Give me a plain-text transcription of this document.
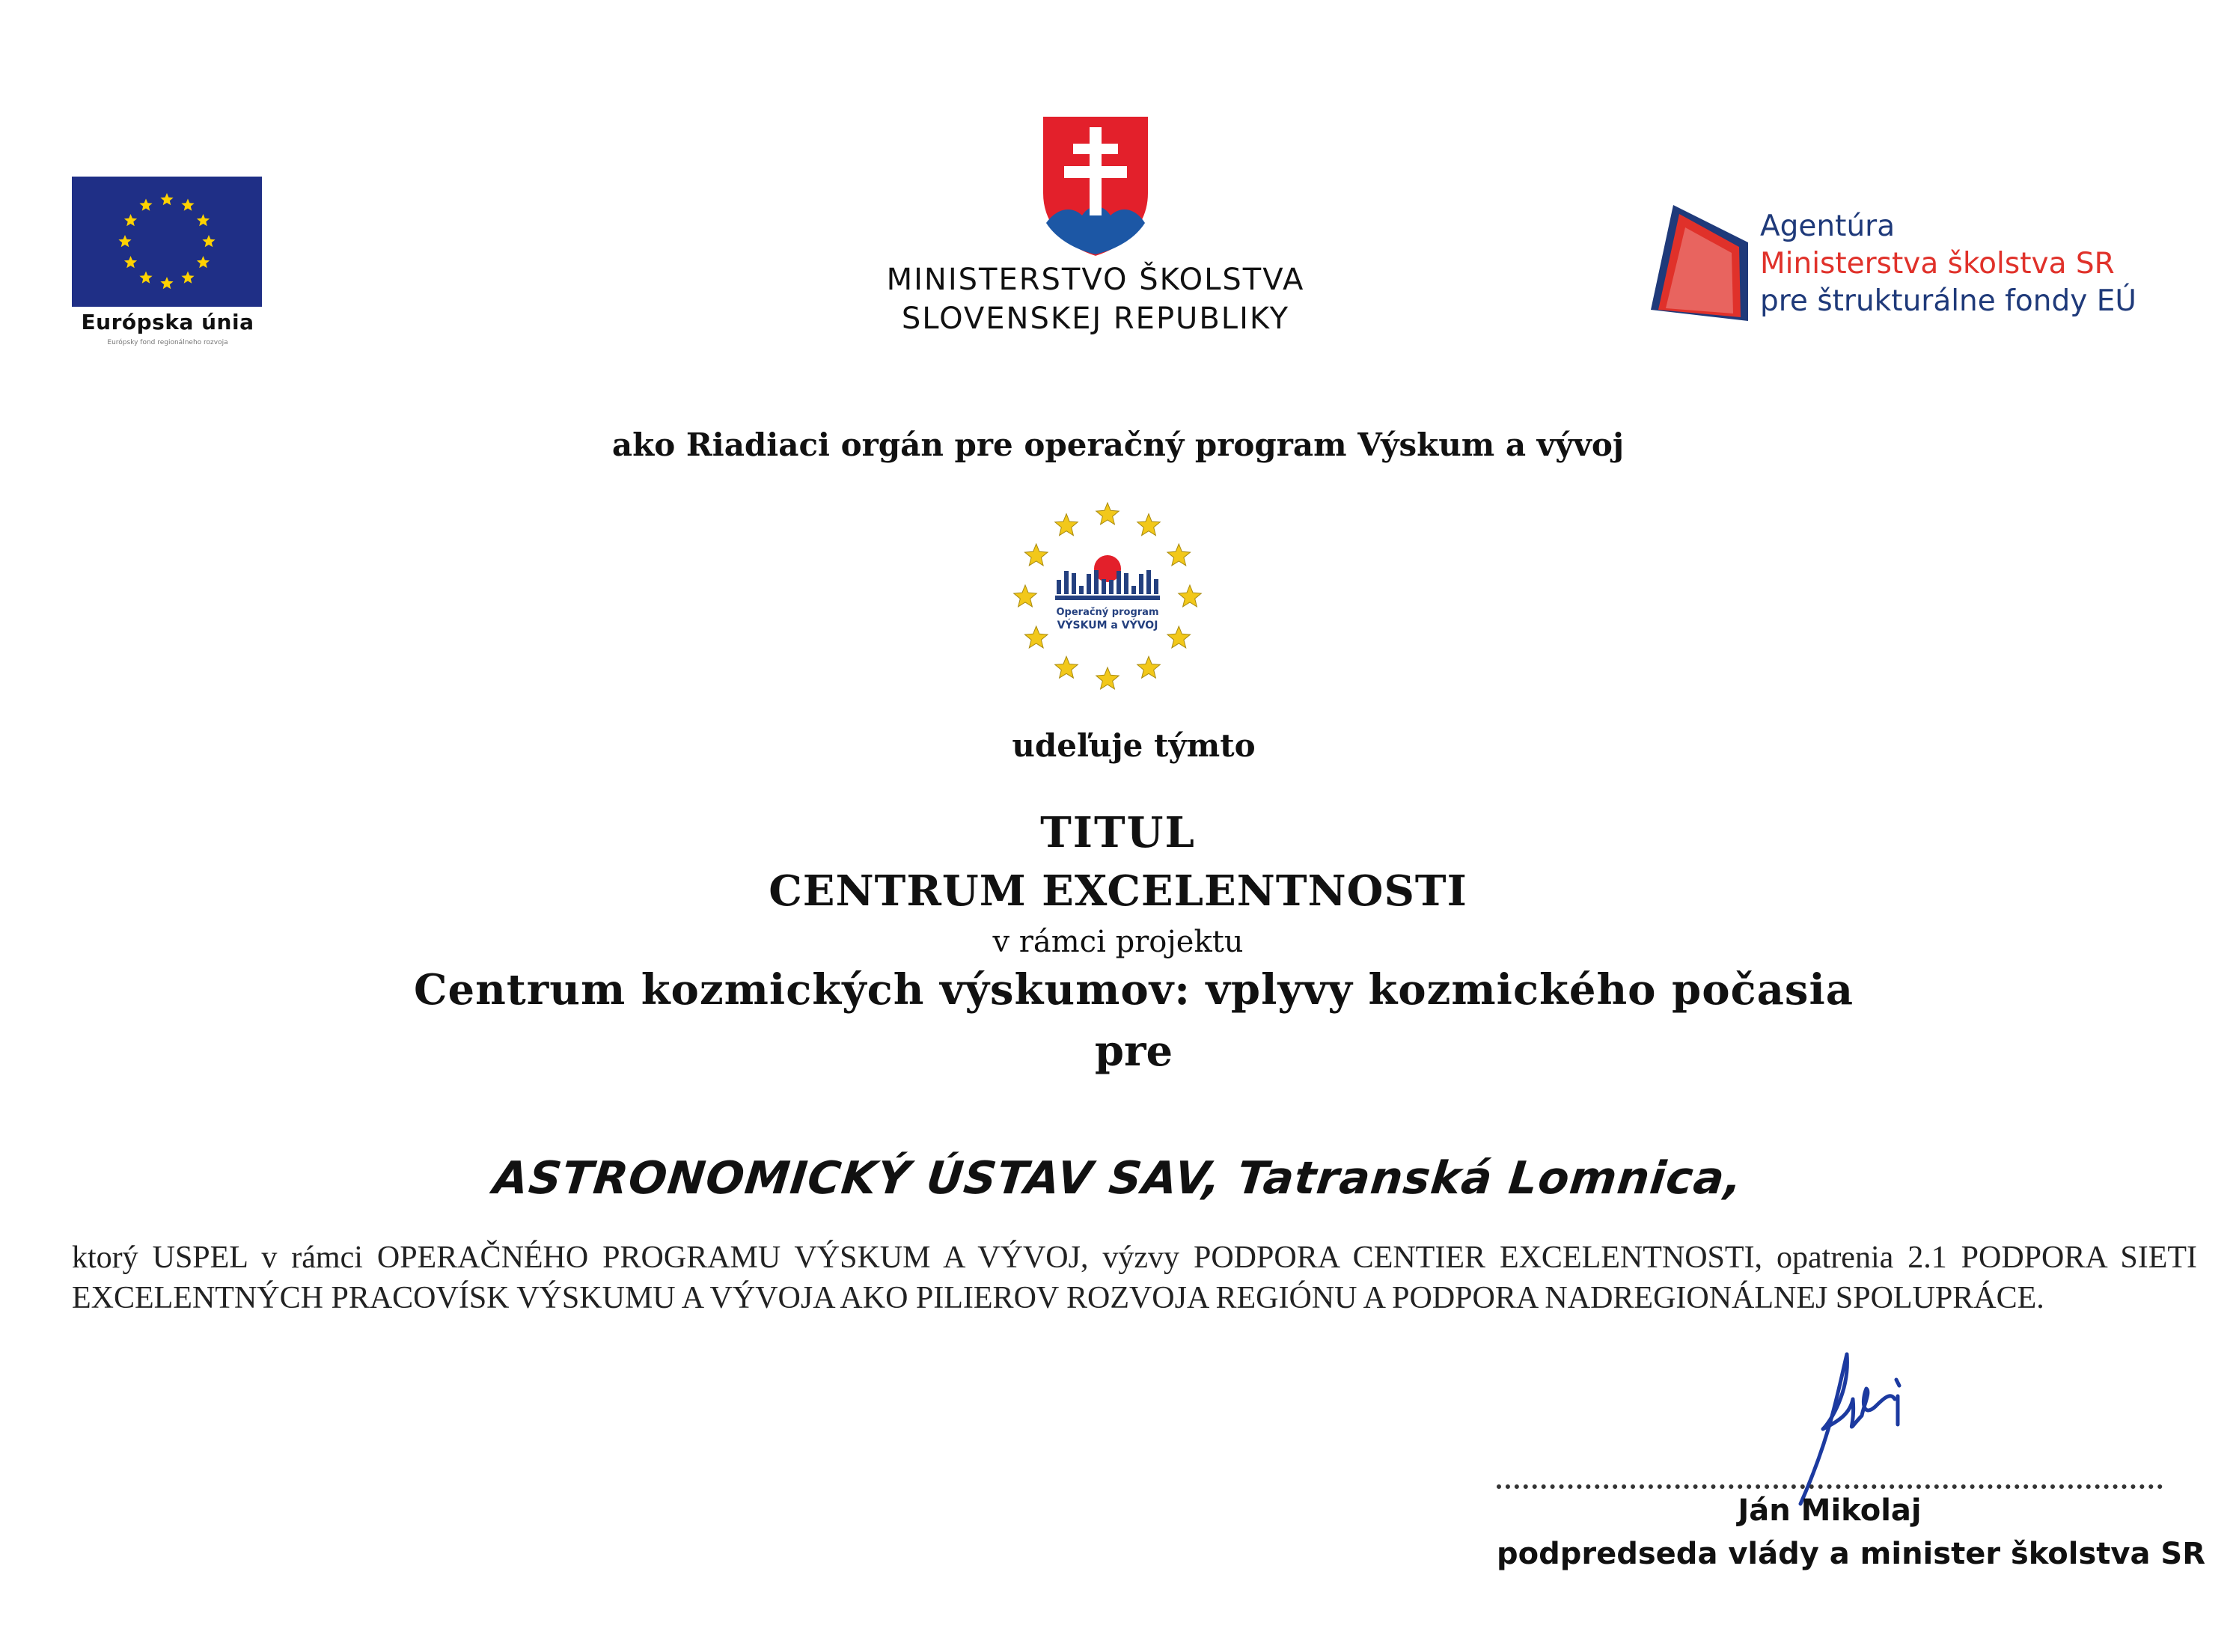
Európska únia
Európsky fond regionálneho rozvoja
MINISTERSTVO ŠKOLSTVA
SLOVENSKEJ REPUBLIKY
Agentúra
Ministerstva školstva SR
pre štrukturálne fondy EÚ
ako Riadiaci orgán pre operačný program Výskum a vývoj
Operačný program
VÝSKUM a VÝVOJ
udeľuje týmto
TITUL
CENTRUM EXCELENTNOSTI
v rámci projektu
Centrum kozmických výskumov: vplyvy kozmického počasia
pre
ASTRONOMICKÝ ÚSTAV SAV, Tatranská Lomnica,
ktorý USPEL v rámci OPERAČNÉHO PROGRAMU VÝSKUM A VÝVOJ, výzvy PODPORA CENTIER EXCELENTNOSTI, opatrenia 2.1 PODPORA SIETI EXCELENTNÝCH PRACOVÍSK VÝSKUMU A VÝVOJA AKO PILIEROV ROZVOJA REGIÓNU A PODPORA NADREGIONÁLNEJ SPOLUPRÁCE.
Ján Mikolaj
podpredseda vlády a minister školstva SR
